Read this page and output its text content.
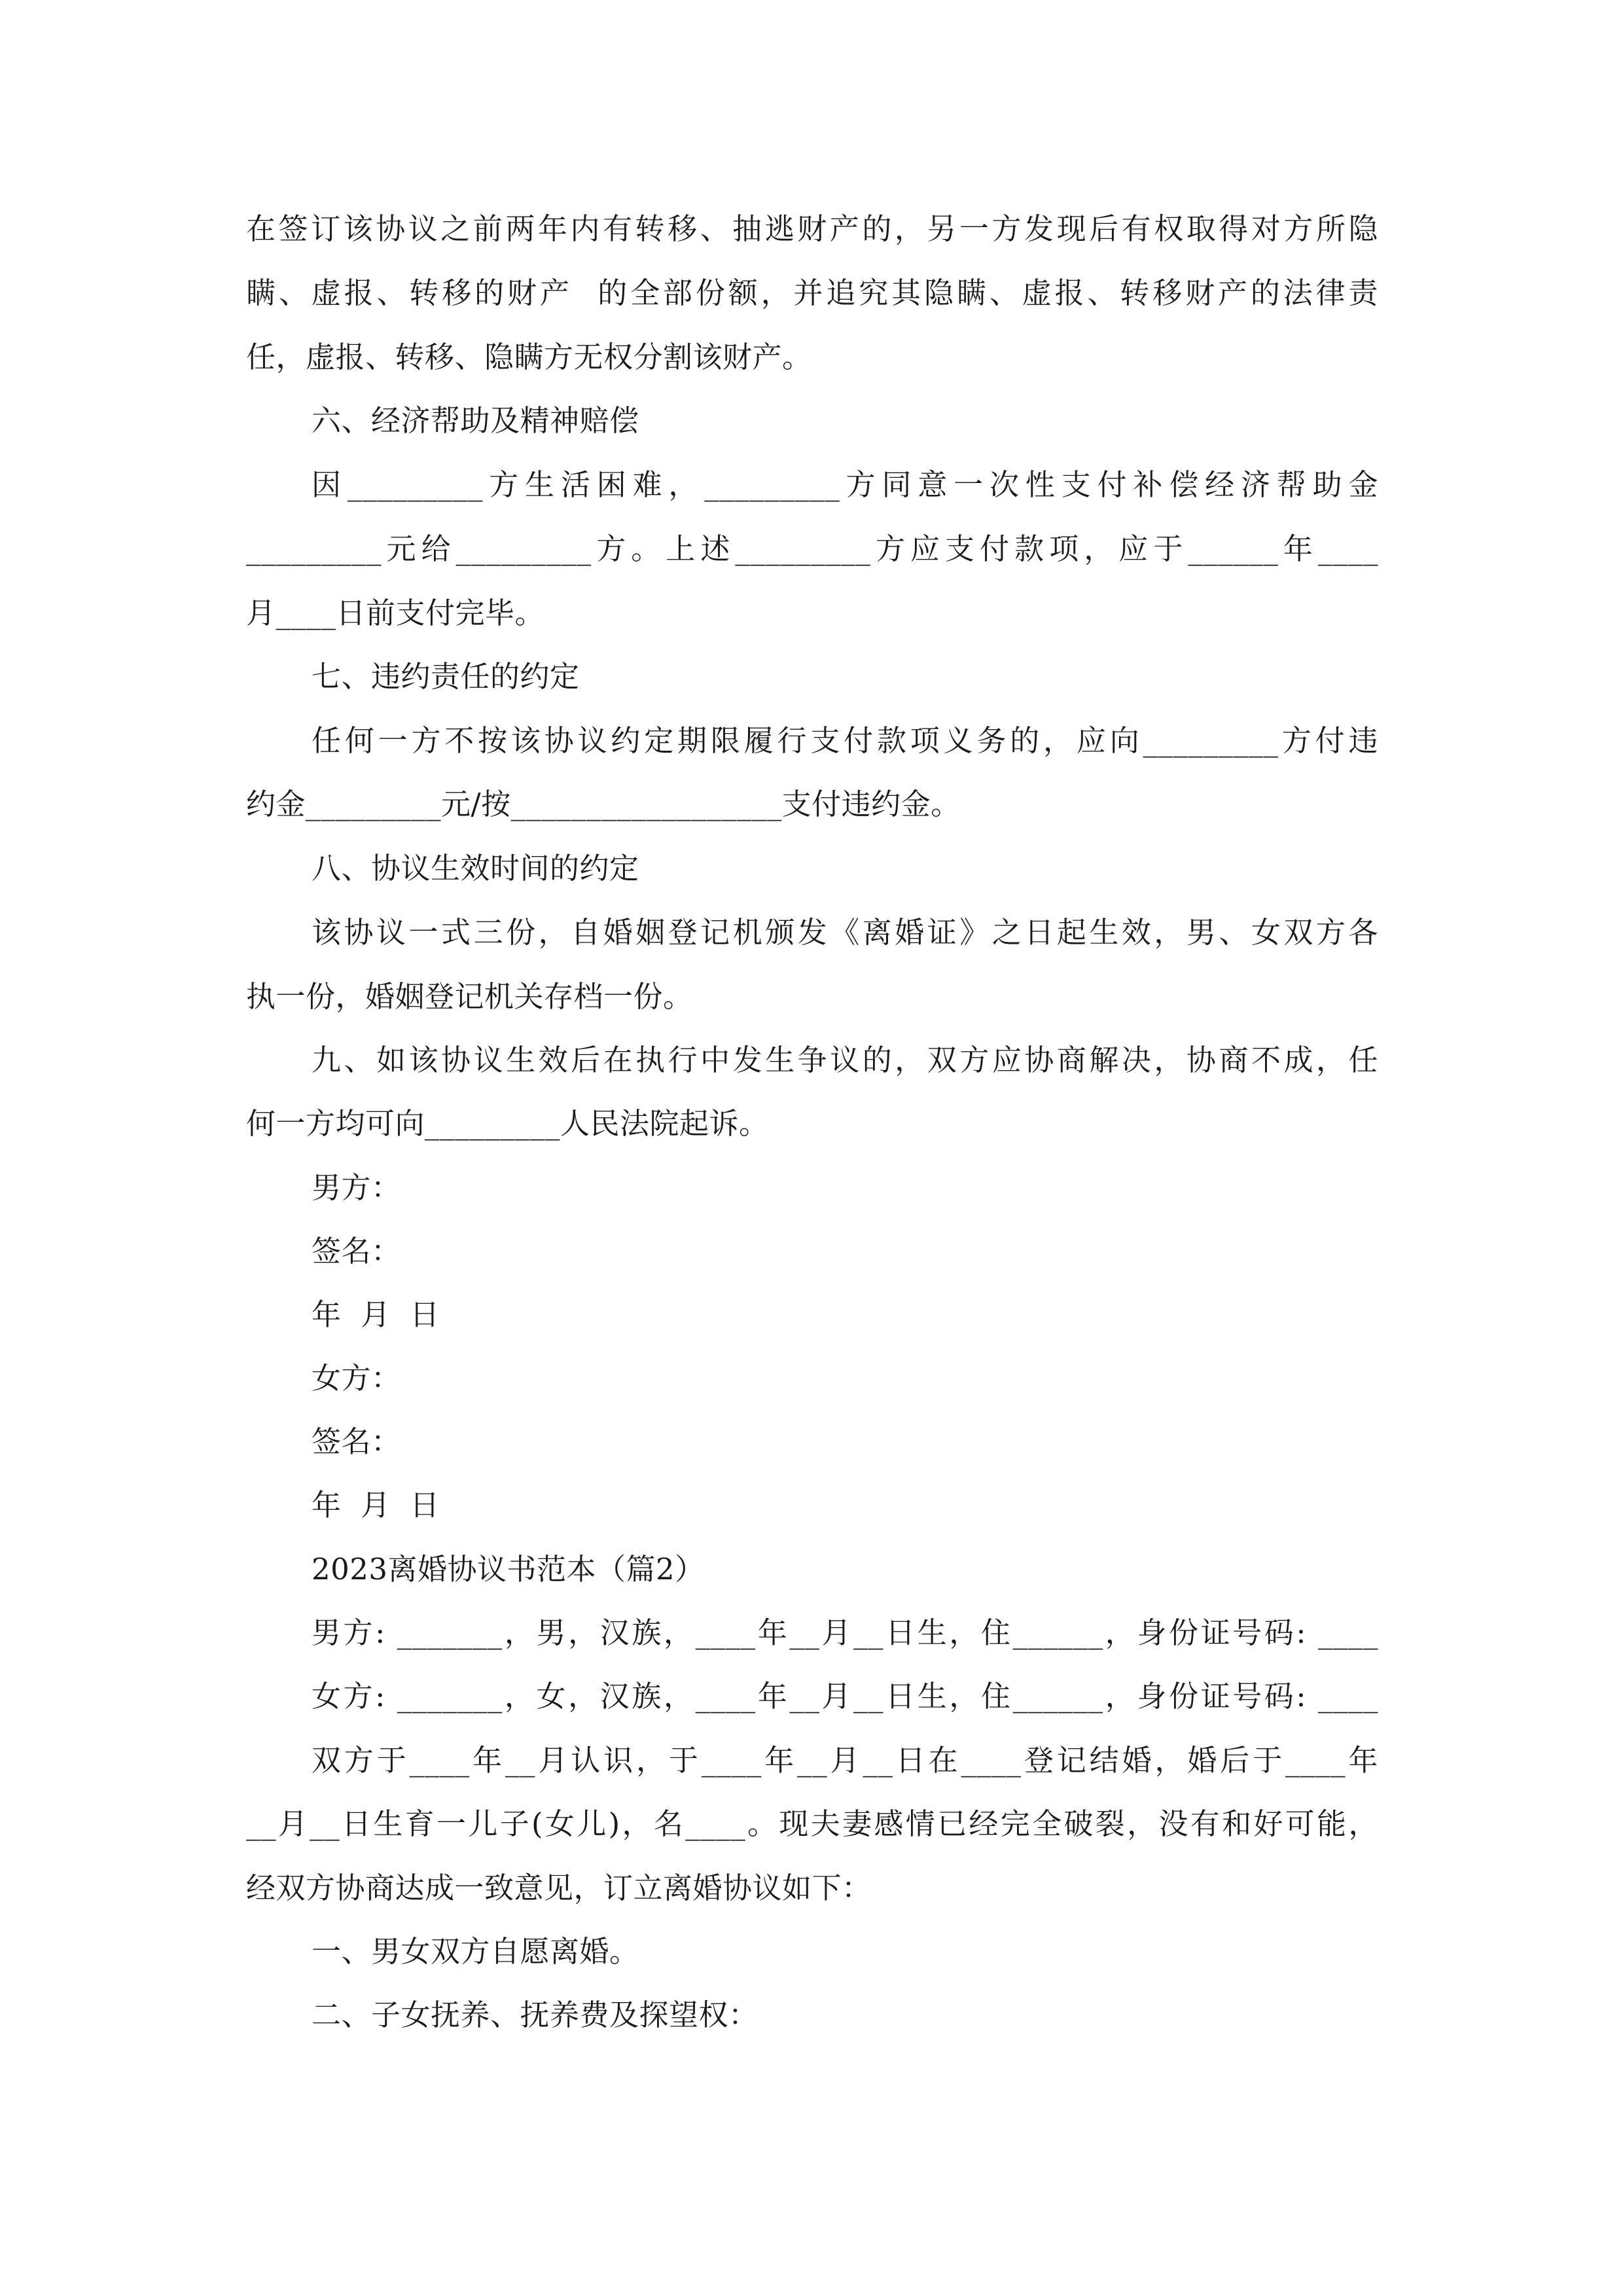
在签订该协议之前两年内有转移、抽逃财产的，另一方发现后有权取得对方所隐

瞒、虚报、转移的财产  的全部份额，并追究其隐瞒、虚报、转移财产的法律责

任，虚报、转移、隐瞒方无权分割该财产。

六、经济帮助及精神赔偿

因_________方生活困难，_________方同意一次性支付补偿经济帮助金

_________元给_________方。上述_________方应支付款项，应于______年____

月____日前支付完毕。

七、违约责任的约定

任何一方不按该协议约定期限履行支付款项义务的，应向_________方付违

约金_________元/按__________________支付违约金。

八、协议生效时间的约定

该协议一式三份，自婚姻登记机颁发《离婚证》之日起生效，男、女双方各

执一份，婚姻登记机关存档一份。

九、如该协议生效后在执行中发生争议的，双方应协商解决，协商不成，任

何一方均可向_________人民法院起诉。

男方：

签名：

年  月  日

女方：

签名：

年  月  日

2023离婚协议书范本（篇2）

男方: _______，男，汉族，____年__月__日生，住______，身份证号码: ____

女方: _______，女，汉族，____年__月__日生，住______，身份证号码: ____

双方于____年__月认识，于____年__月__日在____登记结婚，婚后于____年

__月__日生育一儿子(女儿)，名____。现夫妻感情已经完全破裂，没有和好可能，

经双方协商达成一致意见，订立离婚协议如下：

一、男女双方自愿离婚。

二、子女抚养、抚养费及探望权：
